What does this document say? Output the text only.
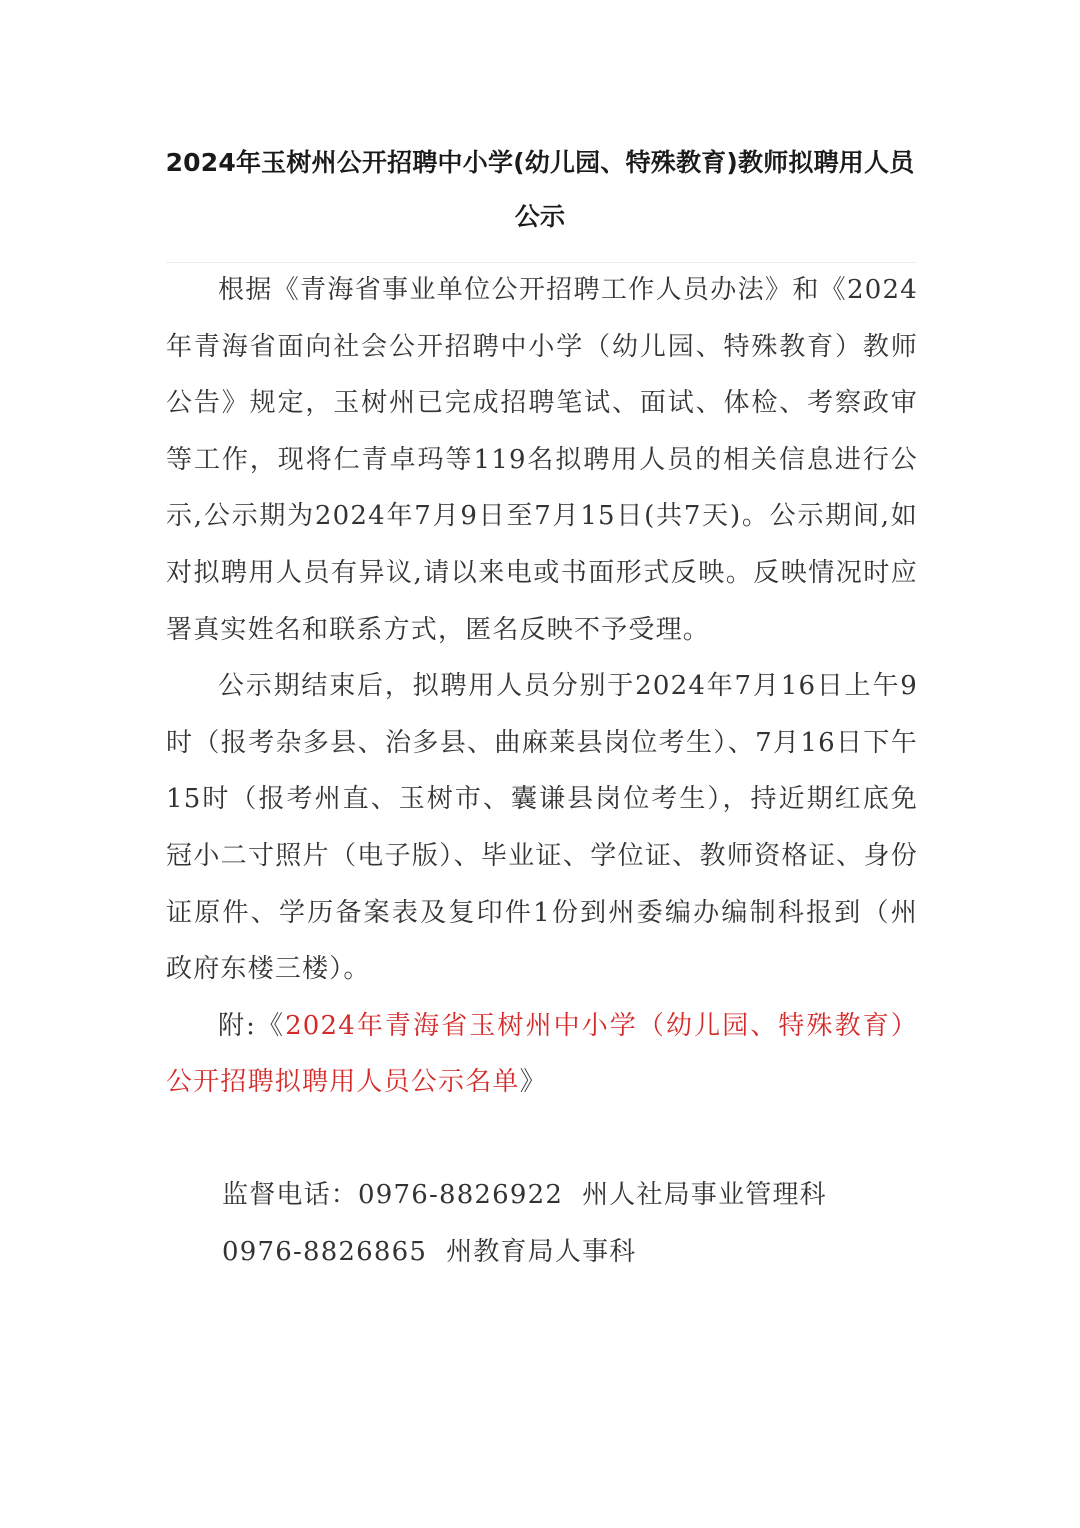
2024年玉树州公开招聘中小学(幼儿园、特殊教育)教师拟聘用人员公示

根据《青海省事业单位公开招聘工作人员办法》和《2024年青海省面向社会公开招聘中小学（幼儿园、特殊教育）教师公告》规定，玉树州已完成招聘笔试、面试、体检、考察政审等工作，现将仁青卓玛等119名拟聘用人员的相关信息进行公示,公示期为2024年7月9日至7月15日(共7天)。公示期间,如对拟聘用人员有异议,请以来电或书面形式反映。反映情况时应署真实姓名和联系方式，匿名反映不予受理。

公示期结束后，拟聘用人员分别于2024年7月16日上午9时（报考杂多县、治多县、曲麻莱县岗位考生）、7月16日下午15时（报考州直、玉树市、囊谦县岗位考生），持近期红底免冠小二寸照片（电子版）、毕业证、学位证、教师资格证、身份证原件、学历备案表及复印件1份到州委编办编制科报到（州政府东楼三楼）。

附:《2024年青海省玉树州中小学（幼儿园、特殊教育）公开招聘拟聘用人员公示名单》

监督电话：0976-8826922  州人社局事业管理科

0976-8826865  州教育局人事科
